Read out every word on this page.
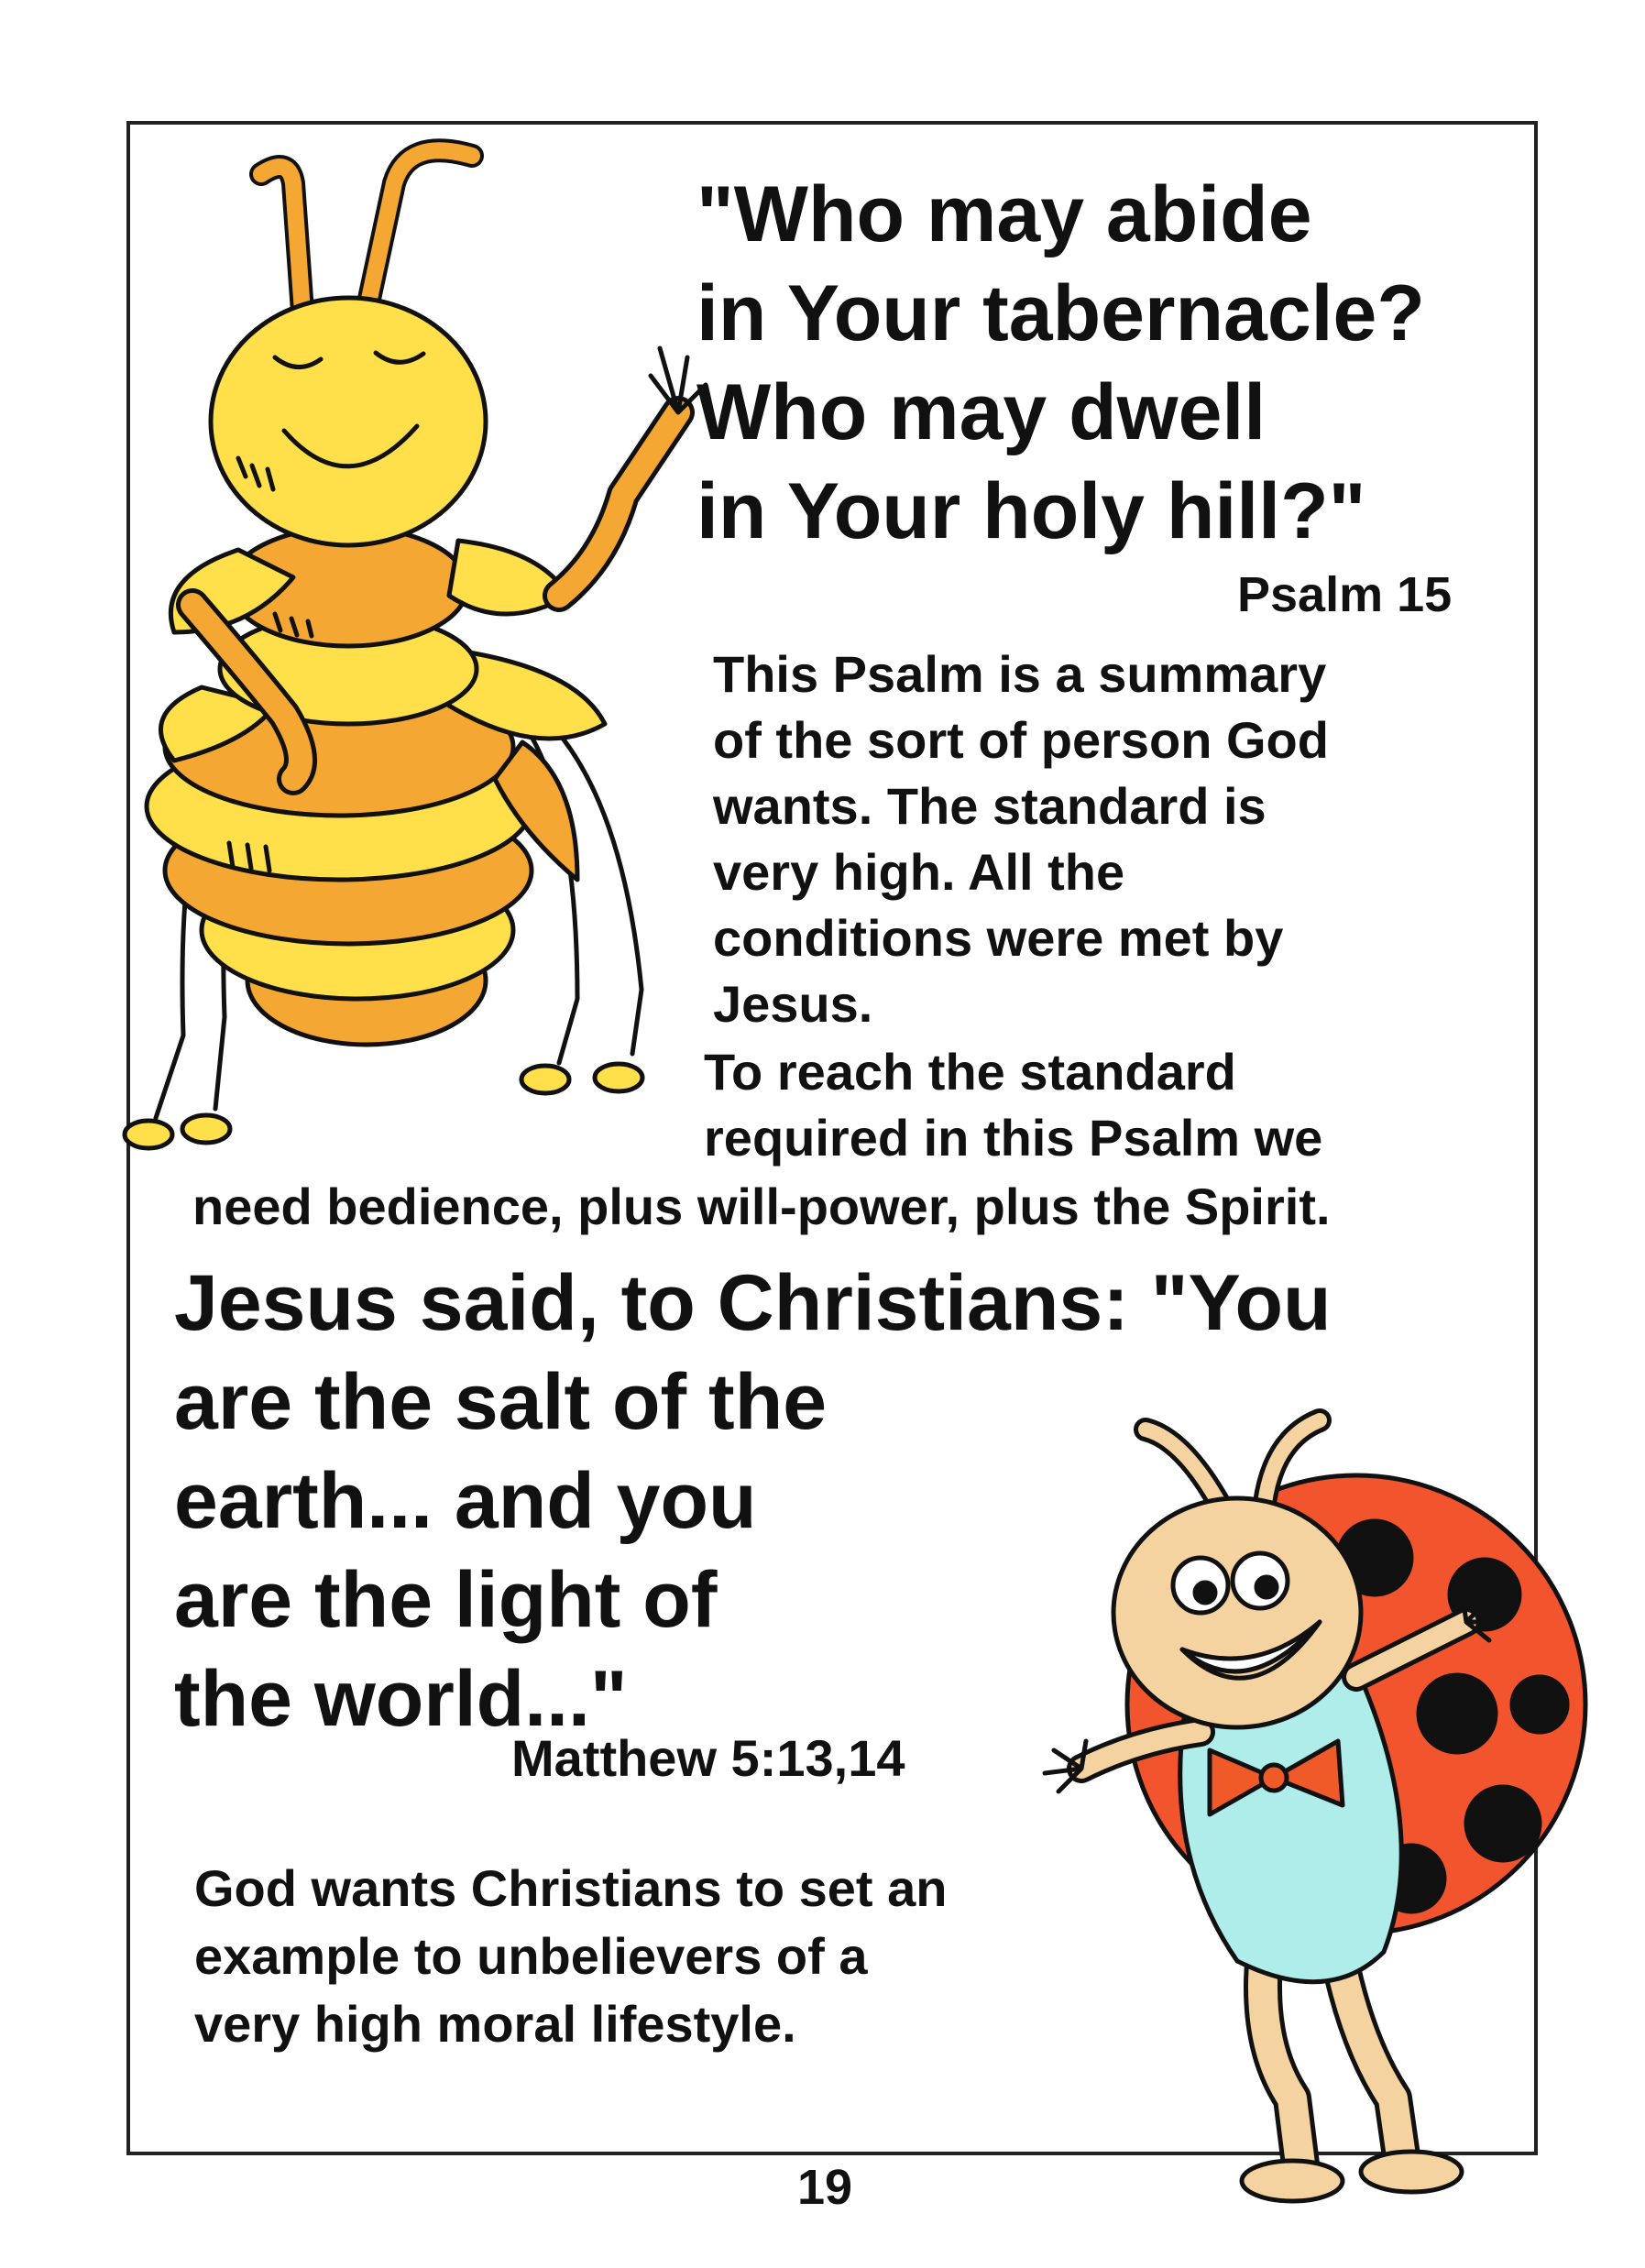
"Who may abide
in Your tabernacle?
Who may dwell
in Your holy hill?"
Psalm 15
This Psalm is a summary
of the sort of person God
wants. The standard is
very high. All the
conditions were met by
Jesus.
To reach the standard
required in this Psalm we
need bedience, plus will-power, plus the Spirit.
Jesus said, to Christians: "You
are the salt of the
earth... and you
are the light of
the world..."
Matthew 5:13,14
God wants Christians to set an
example to unbelievers of a
very high moral lifestyle.
19
